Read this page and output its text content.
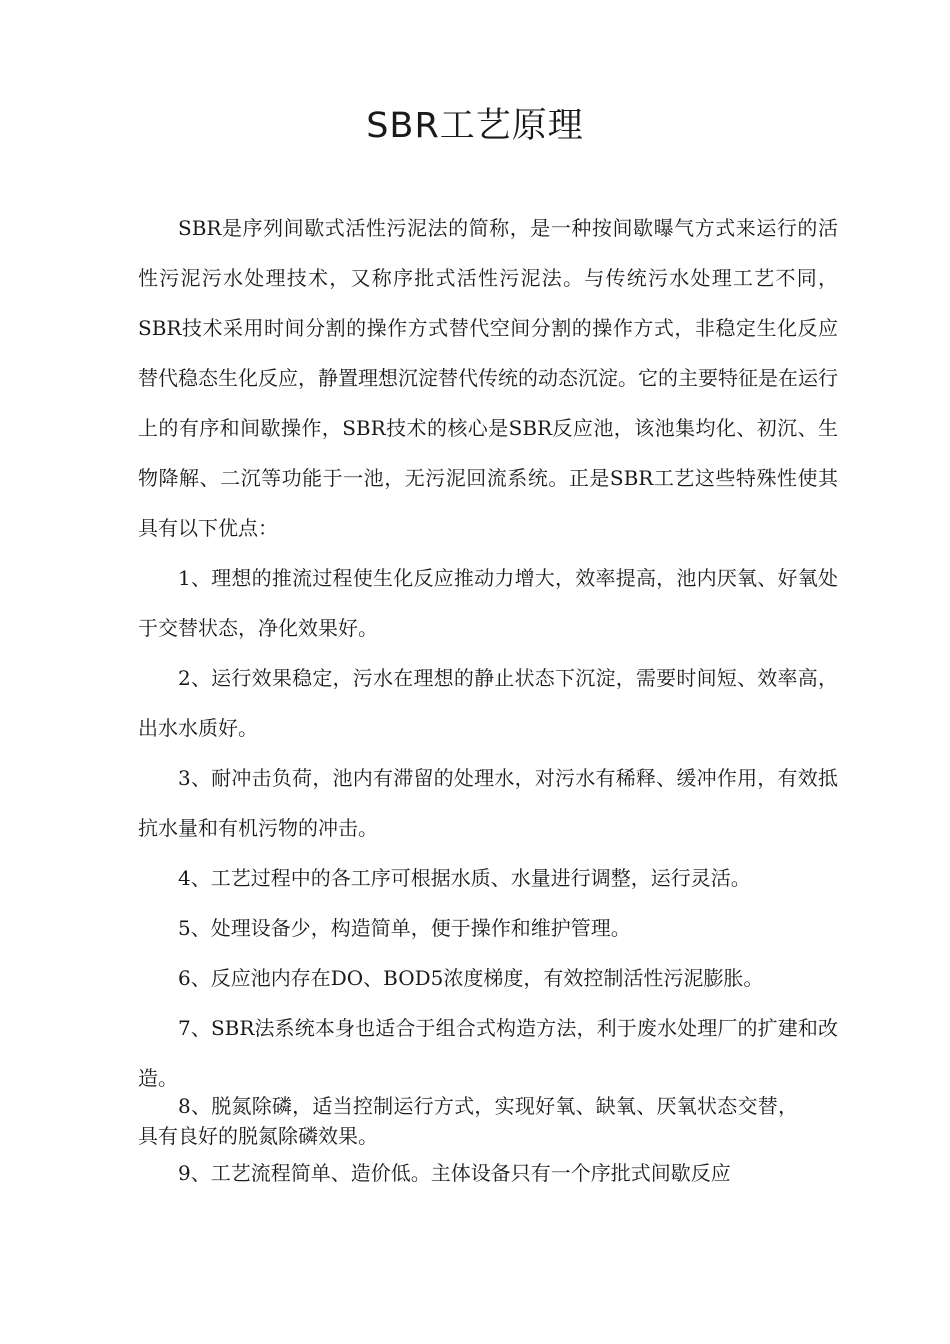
SBR工艺原理

SBR是序列间歇式活性污泥法的简称，是一种按间歇曝气方式来运行的活性污泥污水处理技术，又称序批式活性污泥法。与传统污水处理工艺不同，SBR技术采用时间分割的操作方式替代空间分割的操作方式，非稳定生化反应替代稳态生化反应，静置理想沉淀替代传统的动态沉淀。它的主要特征是在运行上的有序和间歇操作，SBR技术的核心是SBR反应池，该池集均化、初沉、生物降解、二沉等功能于一池，无污泥回流系统。正是SBR工艺这些特殊性使其具有以下优点：

1、理想的推流过程使生化反应推动力增大，效率提高，池内厌氧、好氧处于交替状态，净化效果好。

2、运行效果稳定，污水在理想的静止状态下沉淀，需要时间短、效率高，出水水质好。

3、耐冲击负荷，池内有滞留的处理水，对污水有稀释、缓冲作用，有效抵抗水量和有机污物的冲击。

4、工艺过程中的各工序可根据水质、水量进行调整，运行灵活。

5、处理设备少，构造简单，便于操作和维护管理。

6、反应池内存在DO、BOD5浓度梯度，有效控制活性污泥膨胀。

7、SBR法系统本身也适合于组合式构造方法，利于废水处理厂的扩建和改造。

8、脱氮除磷，适当控制运行方式，实现好氧、缺氧、厌氧状态交替，具有良好的脱氮除磷效果。

9、工艺流程简单、造价低。主体设备只有一个序批式间歇反应
